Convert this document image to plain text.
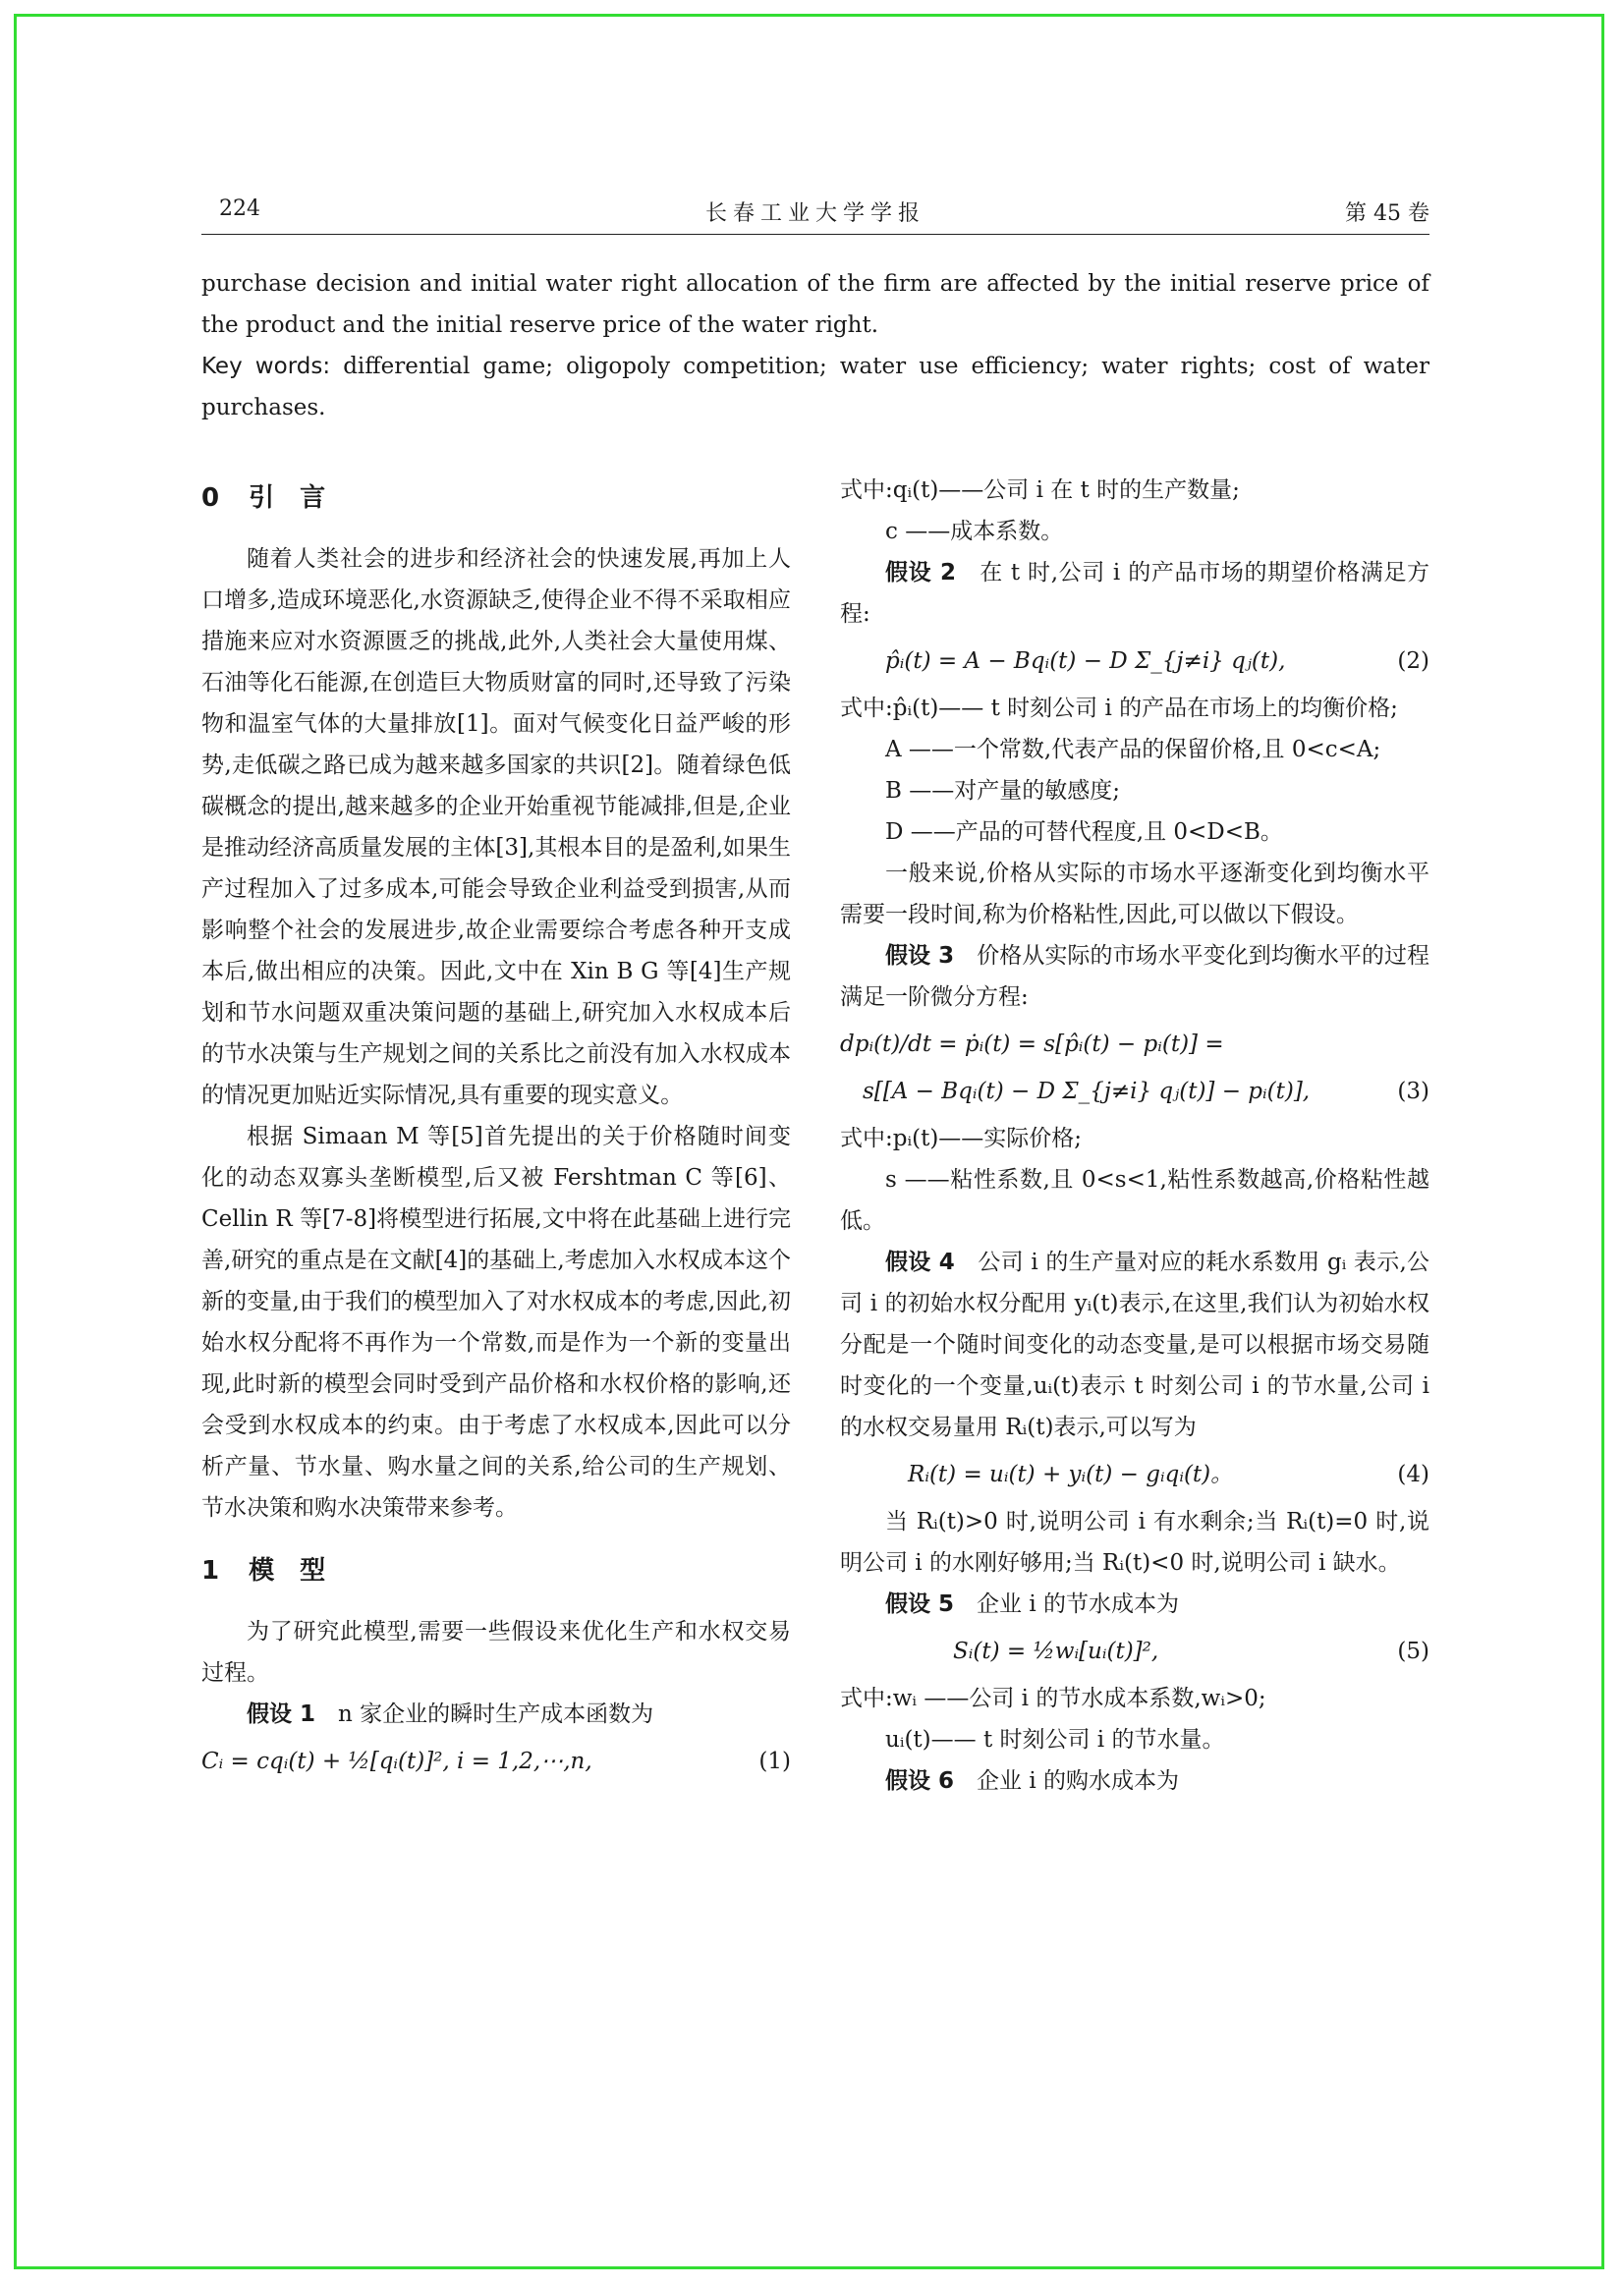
224	长春工业大学学报	第 45 卷
purchase decision and initial water right allocation of the firm are affected by the initial reserve price of the product and the initial reserve price of the water right.
Key words: differential game; oligopoly competition; water use efficiency; water rights; cost of water purchases.
0 引　言

随着人类社会的进步和经济社会的快速发展,再加上人口增多,造成环境恶化,水资源缺乏,使得企业不得不采取相应措施来应对水资源匮乏的挑战,此外,人类社会大量使用煤、石油等化石能源,在创造巨大物质财富的同时,还导致了污染物和温室气体的大量排放[1]。面对气候变化日益严峻的形势,走低碳之路已成为越来越多国家的共识[2]。随着绿色低碳概念的提出,越来越多的企业开始重视节能减排,但是,企业是推动经济高质量发展的主体[3],其根本目的是盈利,如果生产过程加入了过多成本,可能会导致企业利益受到损害,从而影响整个社会的发展进步,故企业需要综合考虑各种开支成本后,做出相应的决策。因此,文中在 Xin B G 等[4]生产规划和节水问题双重决策问题的基础上,研究加入水权成本后的节水决策与生产规划之间的关系比之前没有加入水权成本的情况更加贴近实际情况,具有重要的现实意义。

根据 Simaan M 等[5]首先提出的关于价格随时间变化的动态双寡头垄断模型,后又被 Fershtman C 等[6]、Cellin R 等[7-8]将模型进行拓展,文中将在此基础上进行完善,研究的重点是在文献[4]的基础上,考虑加入水权成本这个新的变量,由于我们的模型加入了对水权成本的考虑,因此,初始水权分配将不再作为一个常数,而是作为一个新的变量出现,此时新的模型会同时受到产品价格和水权价格的影响,还会受到水权成本的约束。由于考虑了水权成本,因此可以分析产量、节水量、购水量之间的关系,给公司的生产规划、节水决策和购水决策带来参考。

1 模　型

为了研究此模型,需要一些假设来优化生产和水权交易过程。

假设 1　 n 家企业的瞬时生产成本函数为

Cᵢ = cqᵢ(t) + ½[qᵢ(t)]², i = 1,2,⋯,n,	(1)

式中:qᵢ(t)——公司 i 在 t 时的生产数量;

c ——成本系数。

假设 2　 在 t 时,公司 i 的产品市场的期望价格满足方程:

p̂ᵢ(t) = A − Bqᵢ(t) − D Σ_{j≠i} qⱼ(t),	(2)

式中:p̂ᵢ(t)—— t 时刻公司 i 的产品在市场上的均衡价格;

A ——一个常数,代表产品的保留价格,且 0<c<A;

B ——对产量的敏感度;

D ——产品的可替代程度,且 0<D<B。

一般来说,价格从实际的市场水平逐渐变化到均衡水平需要一段时间,称为价格粘性,因此,可以做以下假设。

假设 3　 价格从实际的市场水平变化到均衡水平的过程满足一阶微分方程:

dpᵢ(t)/dt = ṗᵢ(t) = s[p̂ᵢ(t) − pᵢ(t)] =
s[[A − Bqᵢ(t) − D Σ_{j≠i} qⱼ(t)] − pᵢ(t)],	(3)

式中:pᵢ(t)——实际价格;

s ——粘性系数,且 0<s<1,粘性系数越高,价格粘性越低。

假设 4　 公司 i 的生产量对应的耗水系数用 gᵢ 表示,公司 i 的初始水权分配用 yᵢ(t)表示,在这里,我们认为初始水权分配是一个随时间变化的动态变量,是可以根据市场交易随时变化的一个变量,uᵢ(t)表示 t 时刻公司 i 的节水量,公司 i 的水权交易量用 Rᵢ(t)表示,可以写为

Rᵢ(t) = uᵢ(t) + yᵢ(t) − gᵢqᵢ(t)。	(4)

当 Rᵢ(t)>0 时,说明公司 i 有水剩余;当 Rᵢ(t)=0 时,说明公司 i 的水刚好够用;当 Rᵢ(t)<0 时,说明公司 i 缺水。

假设 5　 企业 i 的节水成本为

Sᵢ(t) = ½wᵢ[uᵢ(t)]²,	(5)

式中:wᵢ ——公司 i 的节水成本系数,wᵢ>0;

uᵢ(t)—— t 时刻公司 i 的节水量。

假设 6　 企业 i 的购水成本为
